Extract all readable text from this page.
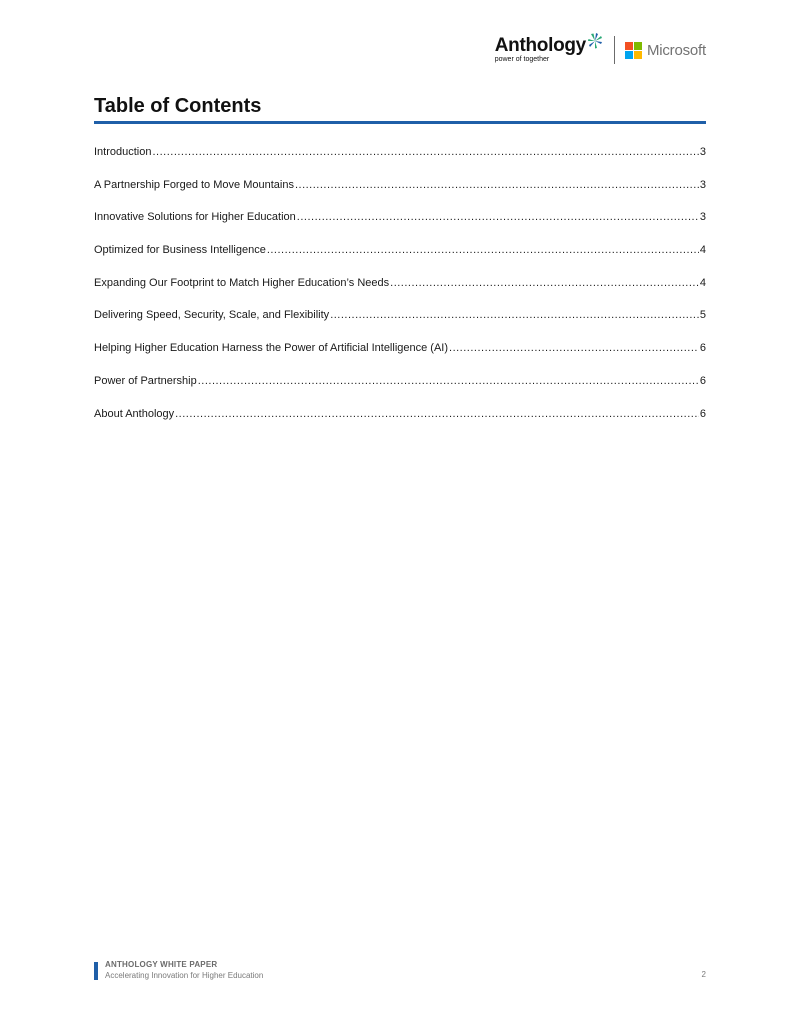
Anthology
power of together
Microsoft
Table of Contents
Introduction .....	3
A Partnership Forged to Move Mountains .....	3
Innovative Solutions for Higher Education .....	3
Optimized for Business Intelligence .....	4
Expanding Our Footprint to Match Higher Education’s Needs .....	4
Delivering Speed, Security, Scale, and Flexibility .....	5
Helping Higher Education Harness the Power of Artificial Intelligence (AI) .....	6
Power of Partnership .....	6
About Anthology .....	6
ANTHOLOGY WHITE PAPER
Accelerating Innovation for Higher Education	2
